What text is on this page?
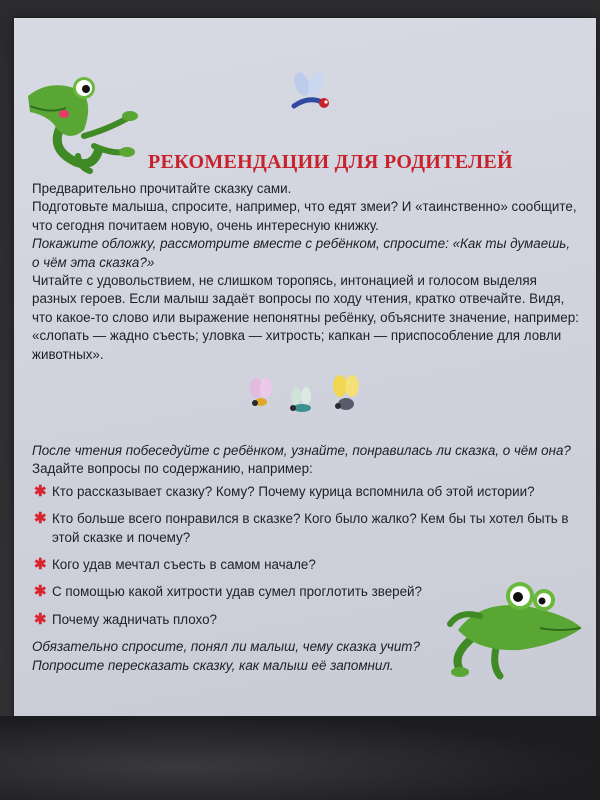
РЕКОМЕНДАЦИИ ДЛЯ РОДИТЕЛЕЙ

Предварительно прочитайте сказку сами.

Подготовьте малыша, спросите, например, что едят змеи? И «таинственно» сообщите, что сегодня почитаем новую, очень интересную книжку.

Покажите обложку, рассмотрите вместе с ребёнком, спросите: «Как ты думаешь, о чём эта сказка?»

Читайте с удовольствием, не слишком торопясь, интонацией и голосом выделяя разных героев. Если малыш задаёт вопросы по ходу чтения, кратко отвечайте. Видя, что какое-то слово или выражение непонятны ребёнку, объясните значение, например: «слопать — жадно съесть; уловка — хитрость; капкан — приспособление для ловли животных».

После чтения побеседуйте с ребёнком, узнайте, понравилась ли сказка, о чём она?

Задайте вопросы по содержанию, например:

✱ Кто рассказывает сказку? Кому? Почему курица вспомнила об этой истории?
✱ Кто больше всего понравился в сказке? Кого было жалко? Кем бы ты хотел быть в этой сказке и почему?
✱ Кого удав мечтал съесть в самом начале?
✱ С помощью какой хитрости удав сумел проглотить зверей?
✱ Почему жадничать плохо?

Обязательно спросите, понял ли малыш, чему сказка учит?

Попросите пересказать сказку, как малыш её запомнил.
